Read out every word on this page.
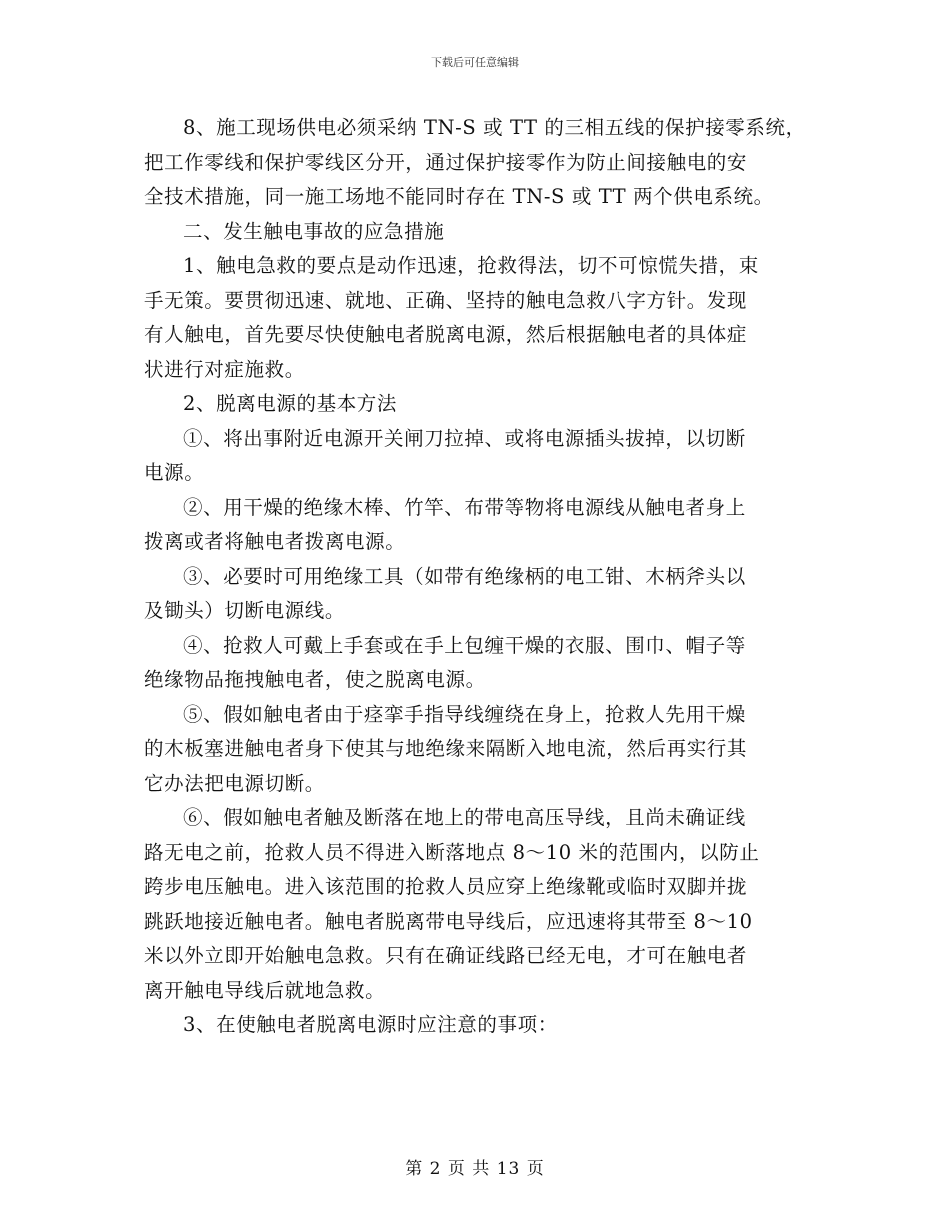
下载后可任意编辑

8、施工现场供电必须采纳 TN-S 或 TT 的三相五线的保护接零系统，
把工作零线和保护零线区分开，通过保护接零作为防止间接触电的安
全技术措施，同一施工场地不能同时存在 TN-S 或 TT 两个供电系统。

二、发生触电事故的应急措施

1、触电急救的要点是动作迅速，抢救得法，切不可惊慌失措，束
手无策。要贯彻迅速、就地、正确、坚持的触电急救八字方针。发现
有人触电，首先要尽快使触电者脱离电源，然后根据触电者的具体症
状进行对症施救。

2、脱离电源的基本方法

①、将出事附近电源开关闸刀拉掉、或将电源插头拔掉，以切断
电源。

②、用干燥的绝缘木棒、竹竿、布带等物将电源线从触电者身上
拨离或者将触电者拨离电源。

③、必要时可用绝缘工具（如带有绝缘柄的电工钳、木柄斧头以
及锄头）切断电源线。

④、抢救人可戴上手套或在手上包缠干燥的衣服、围巾、帽子等
绝缘物品拖拽触电者，使之脱离电源。

⑤、假如触电者由于痉挛手指导线缠绕在身上，抢救人先用干燥
的木板塞进触电者身下使其与地绝缘来隔断入地电流，然后再实行其
它办法把电源切断。

⑥、假如触电者触及断落在地上的带电高压导线，且尚未确证线
路无电之前，抢救人员不得进入断落地点 8～10 米的范围内，以防止
跨步电压触电。进入该范围的抢救人员应穿上绝缘靴或临时双脚并拢
跳跃地接近触电者。触电者脱离带电导线后，应迅速将其带至 8～10
米以外立即开始触电急救。只有在确证线路已经无电，才可在触电者
离开触电导线后就地急救。

3、在使触电者脱离电源时应注意的事项：

第 2 页 共 13 页
